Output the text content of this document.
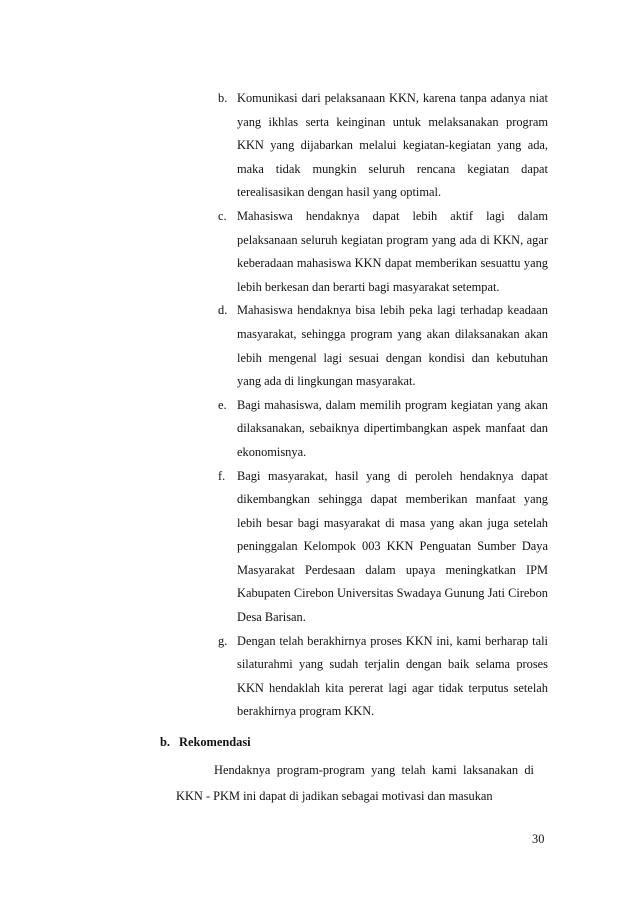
b. Komunikasi dari pelaksanaan KKN, karena tanpa adanya niat yang ikhlas serta keinginan untuk melaksanakan program KKN yang dijabarkan melalui kegiatan-kegiatan yang ada, maka tidak mungkin seluruh rencana kegiatan dapat terealisasikan dengan hasil yang optimal.
c. Mahasiswa hendaknya dapat lebih aktif lagi dalam pelaksanaan seluruh kegiatan program yang ada di KKN, agar keberadaan mahasiswa KKN dapat memberikan sesuattu yang lebih berkesan dan berarti bagi masyarakat setempat.
d. Mahasiswa hendaknya bisa lebih peka lagi terhadap keadaan masyarakat, sehingga program yang akan dilaksanakan akan lebih mengenal lagi sesuai dengan kondisi dan kebutuhan yang ada di lingkungan masyarakat.
e. Bagi mahasiswa, dalam memilih program kegiatan yang akan dilaksanakan, sebaiknya dipertimbangkan aspek manfaat dan ekonomisnya.
f. Bagi masyarakat, hasil yang di peroleh hendaknya dapat dikembangkan sehingga dapat memberikan manfaat yang lebih besar bagi masyarakat di masa yang akan juga setelah peninggalan Kelompok 003 KKN Penguatan Sumber Daya Masyarakat Perdesaan dalam upaya meningkatkan IPM Kabupaten Cirebon Universitas Swadaya Gunung Jati Cirebon Desa Barisan.
g. Dengan telah berakhirnya proses KKN ini, kami berharap tali silaturahmi yang sudah terjalin dengan baik selama proses KKN hendaklah kita pererat lagi agar tidak terputus setelah berakhirnya program KKN.
b. Rekomendasi

Hendaknya program-program yang telah kami laksanakan di KKN - PKM ini dapat di jadikan sebagai motivasi dan masukan

30
